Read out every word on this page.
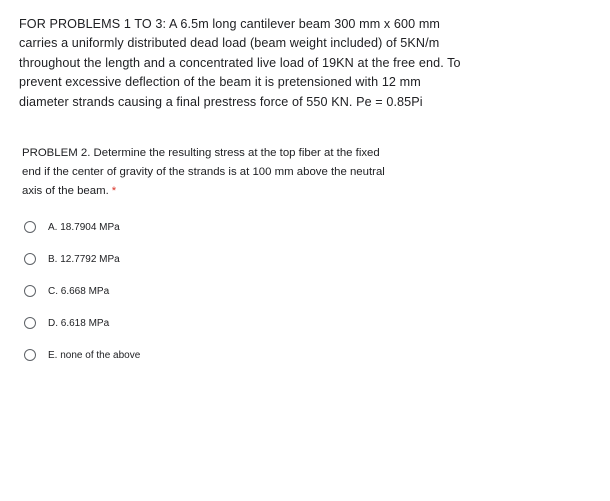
FOR PROBLEMS 1 TO 3: A 6.5m long cantilever beam 300 mm x 600 mm
carries a uniformly distributed dead load (beam weight included) of 5KN/m
throughout the length and a concentrated live load of 19KN at the free end. To
prevent excessive deflection of the beam it is pretensioned with 12 mm
diameter strands causing a final prestress force of 550 KN. Pe = 0.85Pi
PROBLEM 2. Determine the resulting stress at the top fiber at the fixed
end if the center of gravity of the strands is at 100 mm above the neutral
axis of the beam. *
A. 18.7904 MPa
B. 12.7792 MPa
C. 6.668 MPa
D. 6.618 MPa
E. none of the above
